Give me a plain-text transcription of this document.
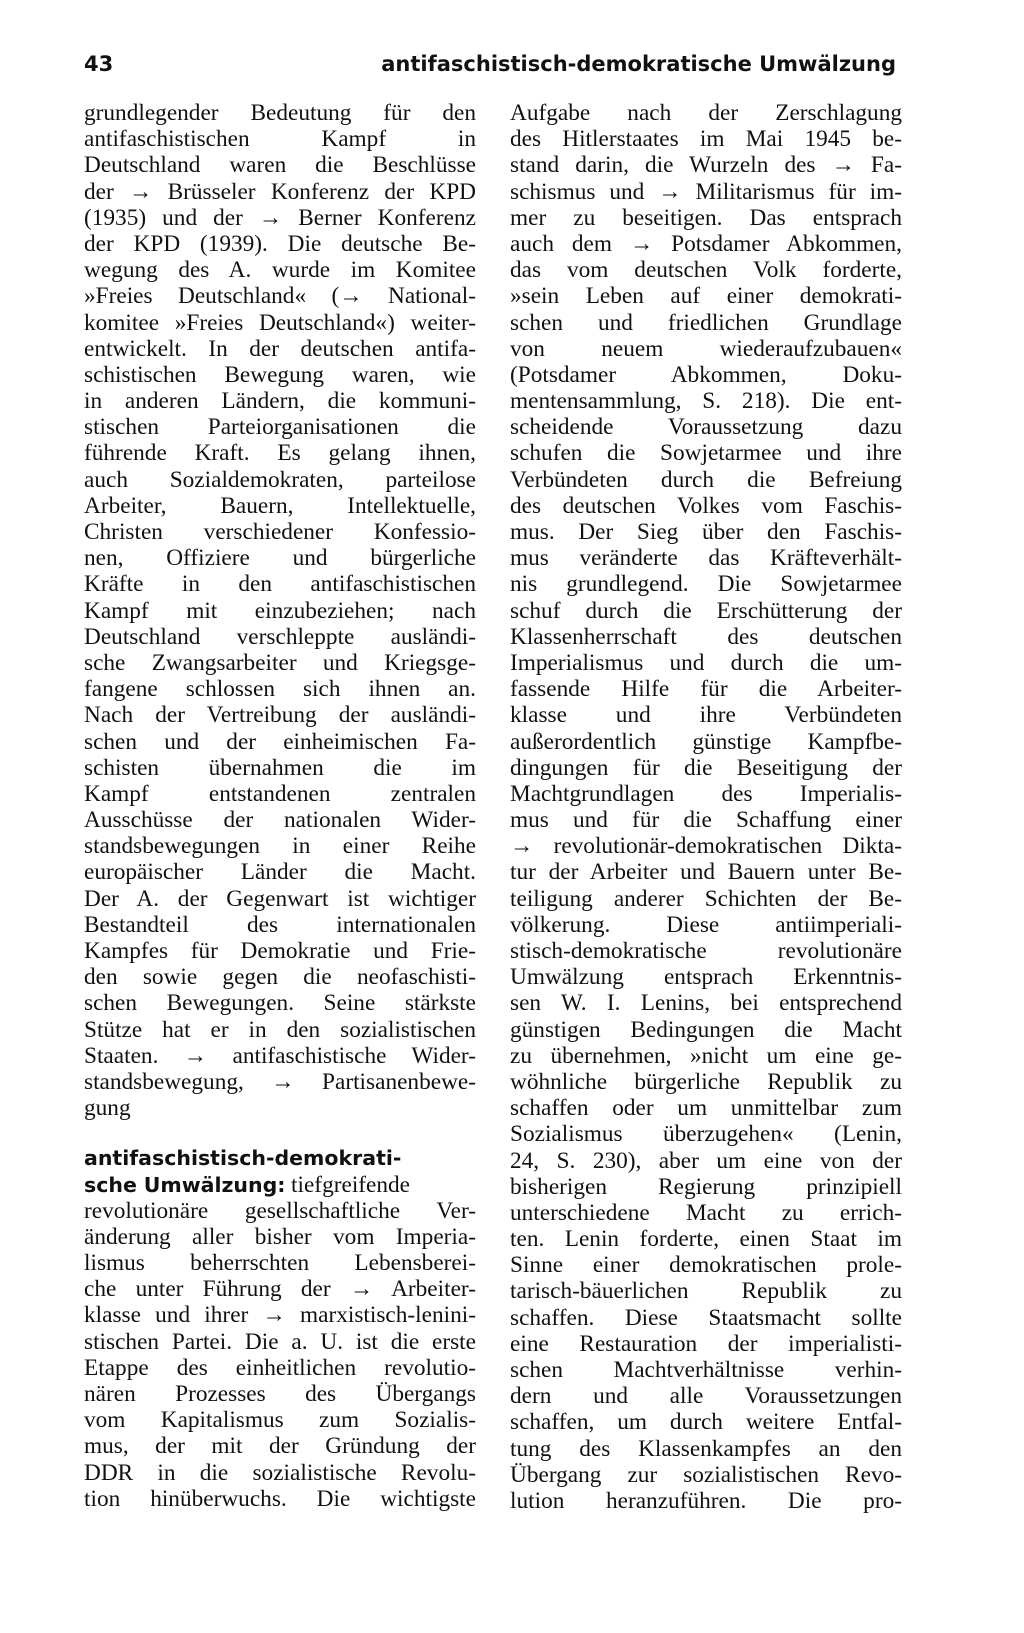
43	antifaschistisch-demokratische Umwälzung
grundlegender Bedeutung für den
antifaschistischen Kampf in
Deutschland waren die Beschlüsse
der → Brüsseler Konferenz der KPD
(1935) und der → Berner Konferenz
der KPD (1939). Die deutsche Be-
wegung des A. wurde im Komitee
»Freies Deutschland« (→ National-
komitee »Freies Deutschland«) weiter-
entwickelt. In der deutschen antifa-
schistischen Bewegung waren, wie
in anderen Ländern, die kommuni-
stischen Parteiorganisationen die
führende Kraft. Es gelang ihnen,
auch Sozialdemokraten, parteilose
Arbeiter, Bauern, Intellektuelle,
Christen verschiedener Konfessio-
nen, Offiziere und bürgerliche
Kräfte in den antifaschistischen
Kampf mit einzubeziehen; nach
Deutschland verschleppte ausländi-
sche Zwangsarbeiter und Kriegsge-
fangene schlossen sich ihnen an.
Nach der Vertreibung der ausländi-
schen und der einheimischen Fa-
schisten übernahmen die im
Kampf entstandenen zentralen
Ausschüsse der nationalen Wider-
standsbewegungen in einer Reihe
europäischer Länder die Macht.
Der A. der Gegenwart ist wichtiger
Bestandteil des internationalen
Kampfes für Demokratie und Frie-
den sowie gegen die neofaschisti-
schen Bewegungen. Seine stärkste
Stütze hat er in den sozialistischen
Staaten. → antifaschistische Wider-
standsbewegung, → Partisanenbewe-
gung
antifaschistisch-demokrati-
sche Umwälzung: tiefgreifende
revolutionäre gesellschaftliche Ver-
änderung aller bisher vom Imperia-
lismus beherrschten Lebensberei-
che unter Führung der → Arbeiter-
klasse und ihrer → marxistisch-lenini-
stischen Partei. Die a. U. ist die erste
Etappe des einheitlichen revolutio-
nären Prozesses des Übergangs
vom Kapitalismus zum Sozialis-
mus, der mit der Gründung der
DDR in die sozialistische Revolu-
tion hinüberwuchs. Die wichtigste
Aufgabe nach der Zerschlagung
des Hitlerstaates im Mai 1945 be-
stand darin, die Wurzeln des → Fa-
schismus und → Militarismus für im-
mer zu beseitigen. Das entsprach
auch dem → Potsdamer Abkommen,
das vom deutschen Volk forderte,
»sein Leben auf einer demokrati-
schen und friedlichen Grundlage
von neuem wiederaufzubauen«
(Potsdamer Abkommen, Doku-
mentensammlung, S. 218). Die ent-
scheidende Voraussetzung dazu
schufen die Sowjetarmee und ihre
Verbündeten durch die Befreiung
des deutschen Volkes vom Faschis-
mus. Der Sieg über den Faschis-
mus veränderte das Kräfteverhält-
nis grundlegend. Die Sowjetarmee
schuf durch die Erschütterung der
Klassenherrschaft des deutschen
Imperialismus und durch die um-
fassende Hilfe für die Arbeiter-
klasse und ihre Verbündeten
außerordentlich günstige Kampfbe-
dingungen für die Beseitigung der
Machtgrundlagen des Imperialis-
mus und für die Schaffung einer
→ revolutionär-demokratischen Dikta-
tur der Arbeiter und Bauern unter Be-
teiligung anderer Schichten der Be-
völkerung. Diese antiimperiali-
stisch-demokratische revolutionäre
Umwälzung entsprach Erkenntnis-
sen W. I. Lenins, bei entsprechend
günstigen Bedingungen die Macht
zu übernehmen, »nicht um eine ge-
wöhnliche bürgerliche Republik zu
schaffen oder um unmittelbar zum
Sozialismus überzugehen« (Lenin,
24, S. 230), aber um eine von der
bisherigen Regierung prinzipiell
unterschiedene Macht zu errich-
ten. Lenin forderte, einen Staat im
Sinne einer demokratischen prole-
tarisch-bäuerlichen Republik zu
schaffen. Diese Staatsmacht sollte
eine Restauration der imperialisti-
schen Machtverhältnisse verhin-
dern und alle Voraussetzungen
schaffen, um durch weitere Entfal-
tung des Klassenkampfes an den
Übergang zur sozialistischen Revo-
lution heranzuführen. Die pro-
